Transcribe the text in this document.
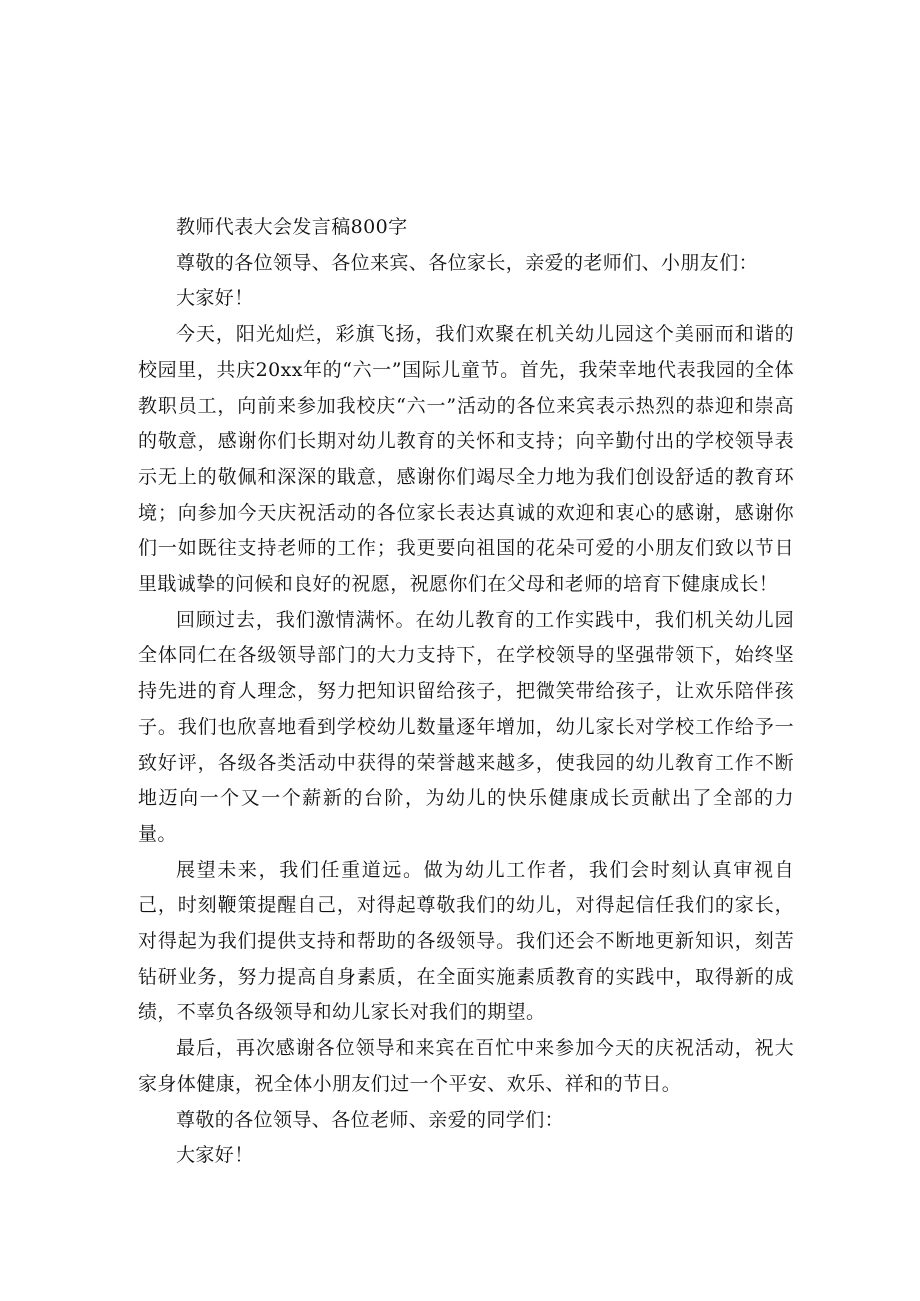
教师代表大会发言稿800字
尊敬的各位领导、各位来宾、各位家长，亲爱的老师们、小朋友们：
大家好！

今天，阳光灿烂，彩旗飞扬，我们欢聚在机关幼儿园这个美丽而和谐的校园里，共庆20xx年的“六一”国际儿童节。首先，我荣幸地代表我园的全体教职员工，向前来参加我校庆“六一”活动的各位来宾表示热烈的恭迎和崇高的敬意，感谢你们长期对幼儿教育的关怀和支持；向辛勤付出的学校领导表示无上的敬佩和深深的戢意，感谢你们竭尽全力地为我们创设舒适的教育环境；向参加今天庆祝活动的各位家长表达真诚的欢迎和衷心的感谢，感谢你们一如既往支持老师的工作；我更要向祖国的花朵可爱的小朋友们致以节日里戢诚挚的问候和良好的祝愿，祝愿你们在父母和老师的培育下健康成长！

回顾过去，我们激情满怀。在幼儿教育的工作实践中，我们机关幼儿园全体同仁在各级领导部门的大力支持下，在学校领导的坚强带领下，始终坚持先进的育人理念，努力把知识留给孩子，把微笑带给孩子，让欢乐陪伴孩子。我们也欣喜地看到学校幼儿数量逐年增加，幼儿家长对学校工作给予一致好评，各级各类活动中获得的荣誉越来越多，使我园的幼儿敎育工作不断地迈向一个又一个薪新的台阶，为幼儿的快乐健康成长贡献出了全部的力量。

展望未来，我们任重道远。做为幼儿工作者，我们会时刻认真审视自己，时刻鞭策提醒自己，对得起尊敬我们的幼儿，对得起信任我们的家长，对得起为我们提供支持和帮助的各级领导。我们还会不断地更新知识，刻苦钻研业务，努力提高自身素质，在全面实施素质教育的实践中，取得新的成绩，不辜负各级领导和幼儿家长对我们的期望。

最后，再次感谢各位领导和来宾在百忙中来参加今天的庆祝活动，祝大家身体健康，祝全体小朋友们过一个平安、欢乐、祥和的节日。

尊敬的各位领导、各位老师、亲爱的同学们：
大家好！
